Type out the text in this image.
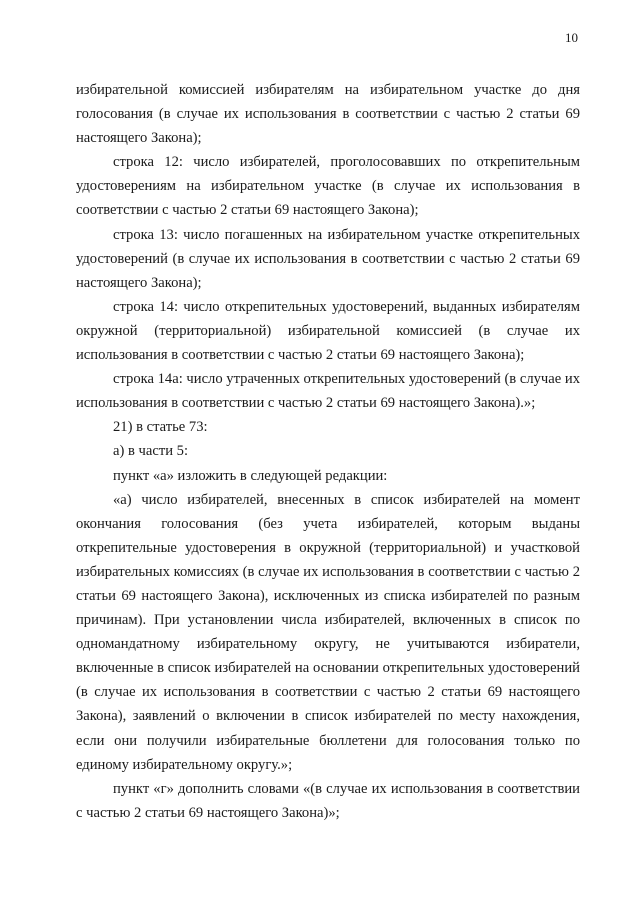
10

избирательной комиссией избирателям на избирательном участке до дня голосования (в случае их использования в соответствии с частью 2 статьи 69 настоящего Закона);

строка 12: число избирателей, проголосовавших по открепительным удостоверениям на избирательном участке (в случае их использования в соответствии с частью 2 статьи 69 настоящего Закона);

строка 13: число погашенных на избирательном участке открепительных удостоверений (в случае их использования в соответствии с частью 2 статьи 69 настоящего Закона);

строка 14: число открепительных удостоверений, выданных избирателям окружной (территориальной) избирательной комиссией (в случае их использования в соответствии с частью 2 статьи 69 настоящего Закона);

строка 14а: число утраченных открепительных удостоверений (в случае их использования в соответствии с частью 2 статьи 69 настоящего Закона).»;

21) в статье 73:

а) в части 5:

пункт «а» изложить в следующей редакции:

«а) число избирателей, внесенных в список избирателей на момент окончания голосования (без учета избирателей, которым выданы открепительные удостоверения в окружной (территориальной) и участковой избирательных комиссиях (в случае их использования в соответствии с частью 2 статьи 69 настоящего Закона), исключенных из списка избирателей по разным причинам). При установлении числа избирателей, включенных в список по одномандатному избирательному округу, не учитываются избиратели, включенные в список избирателей на основании открепительных удостоверений (в случае их использования в соответствии с частью 2 статьи 69 настоящего Закона), заявлений о включении в список избирателей по месту нахождения, если они получили избирательные бюллетени для голосования только по единому избирательному округу.»;

пункт «г» дополнить словами «(в случае их использования в соответствии с частью 2 статьи 69 настоящего Закона)»;
